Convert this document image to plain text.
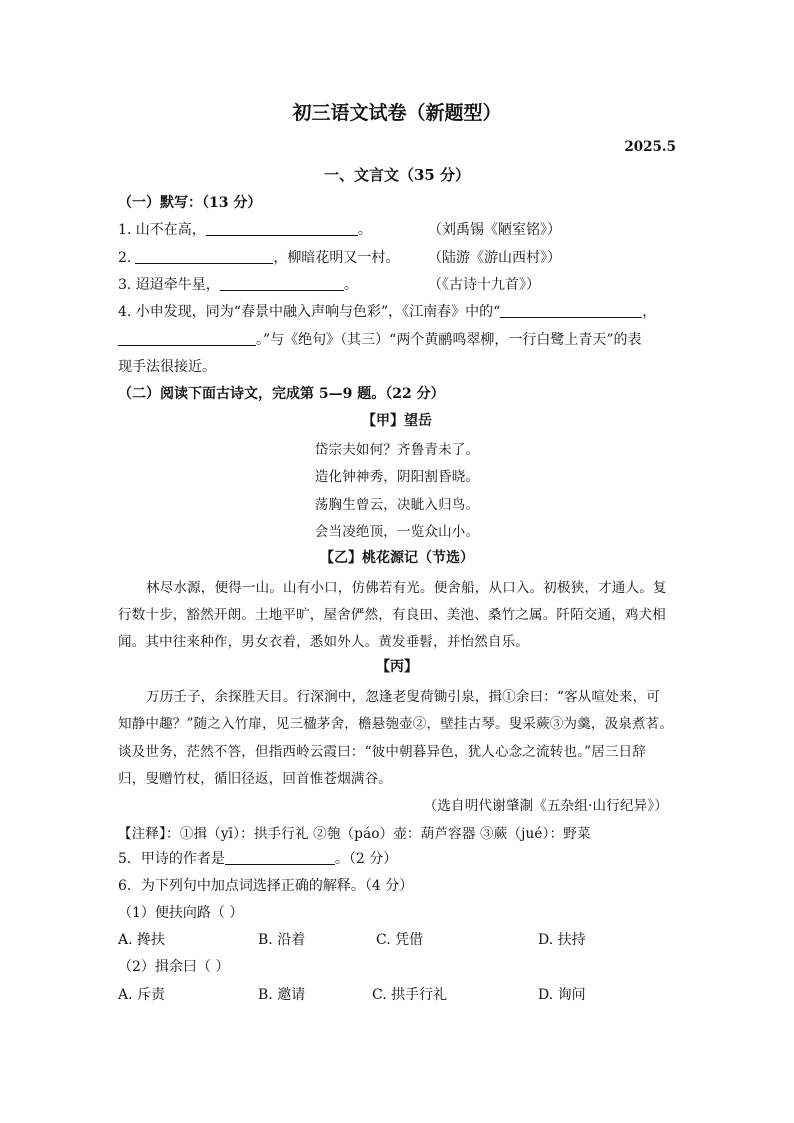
初三语文试卷（新题型）
2025.5
一、文言文（35 分）
（一）默写：（13 分）
1. 山不在高，	。	（刘禹锡《陋室铭》）
2.	，柳暗花明又一村。 （陆游《游山西村》）
3. 迢迢牵牛星，	。	（《古诗十九首》）
4. 小申发现，同为“春景中融入声响与色彩”，《江南春》中的“	，
。”与《绝句》（其三）“两个黄鹂鸣翠柳，一行白鹭上青天”的表
现手法很接近。
（二）阅读下面古诗文，完成第 5—9 题。（22 分）
【甲】望岳
岱宗夫如何？齐鲁青未了。
造化钟神秀，阴阳割昏晓。
荡胸生曾云，决眦入归鸟。
会当凌绝顶，一览众山小。
【乙】桃花源记（节选）
林尽水源，便得一山。山有小口，仿佛若有光。便舍船，从口入。初极狭，才通人。复
行数十步，豁然开朗。土地平旷，屋舍俨然，有良田、美池、桑竹之属。阡陌交通，鸡犬相
闻。其中往来种作，男女衣着，悉如外人。黄发垂髫，并怡然自乐。
【丙】
万历壬子，余探胜天目。行深涧中，忽逢老叟荷锄引泉，揖①余曰：“客从喧处来，可
知静中趣？”随之入竹扉，见三楹茅舍，檐悬匏壶②，壁挂古琴。叟采蕨③为羹，汲泉煮茗。
谈及世务，茫然不答，但指西岭云霞曰：“彼中朝暮异色，犹人心念之流转也。”居三日辞
归，叟赠竹杖，循旧径返，回首惟苍烟满谷。
（选自明代谢肇淛《五杂组·山行纪异》）
【注释】：①揖（yī）：拱手行礼 ②匏（páo）壶：葫芦容器 ③蕨（jué）：野菜
5．甲诗的作者是	。（2 分）
6．为下列句中加点词选择正确的解释。（4 分）
（1）便扶向路（ ）
A. 搀扶	B. 沿着	C. 凭借	D. 扶持
（2）揖余曰（ ）
A. 斥责	B. 邀请	C. 拱手行礼	D. 询问
